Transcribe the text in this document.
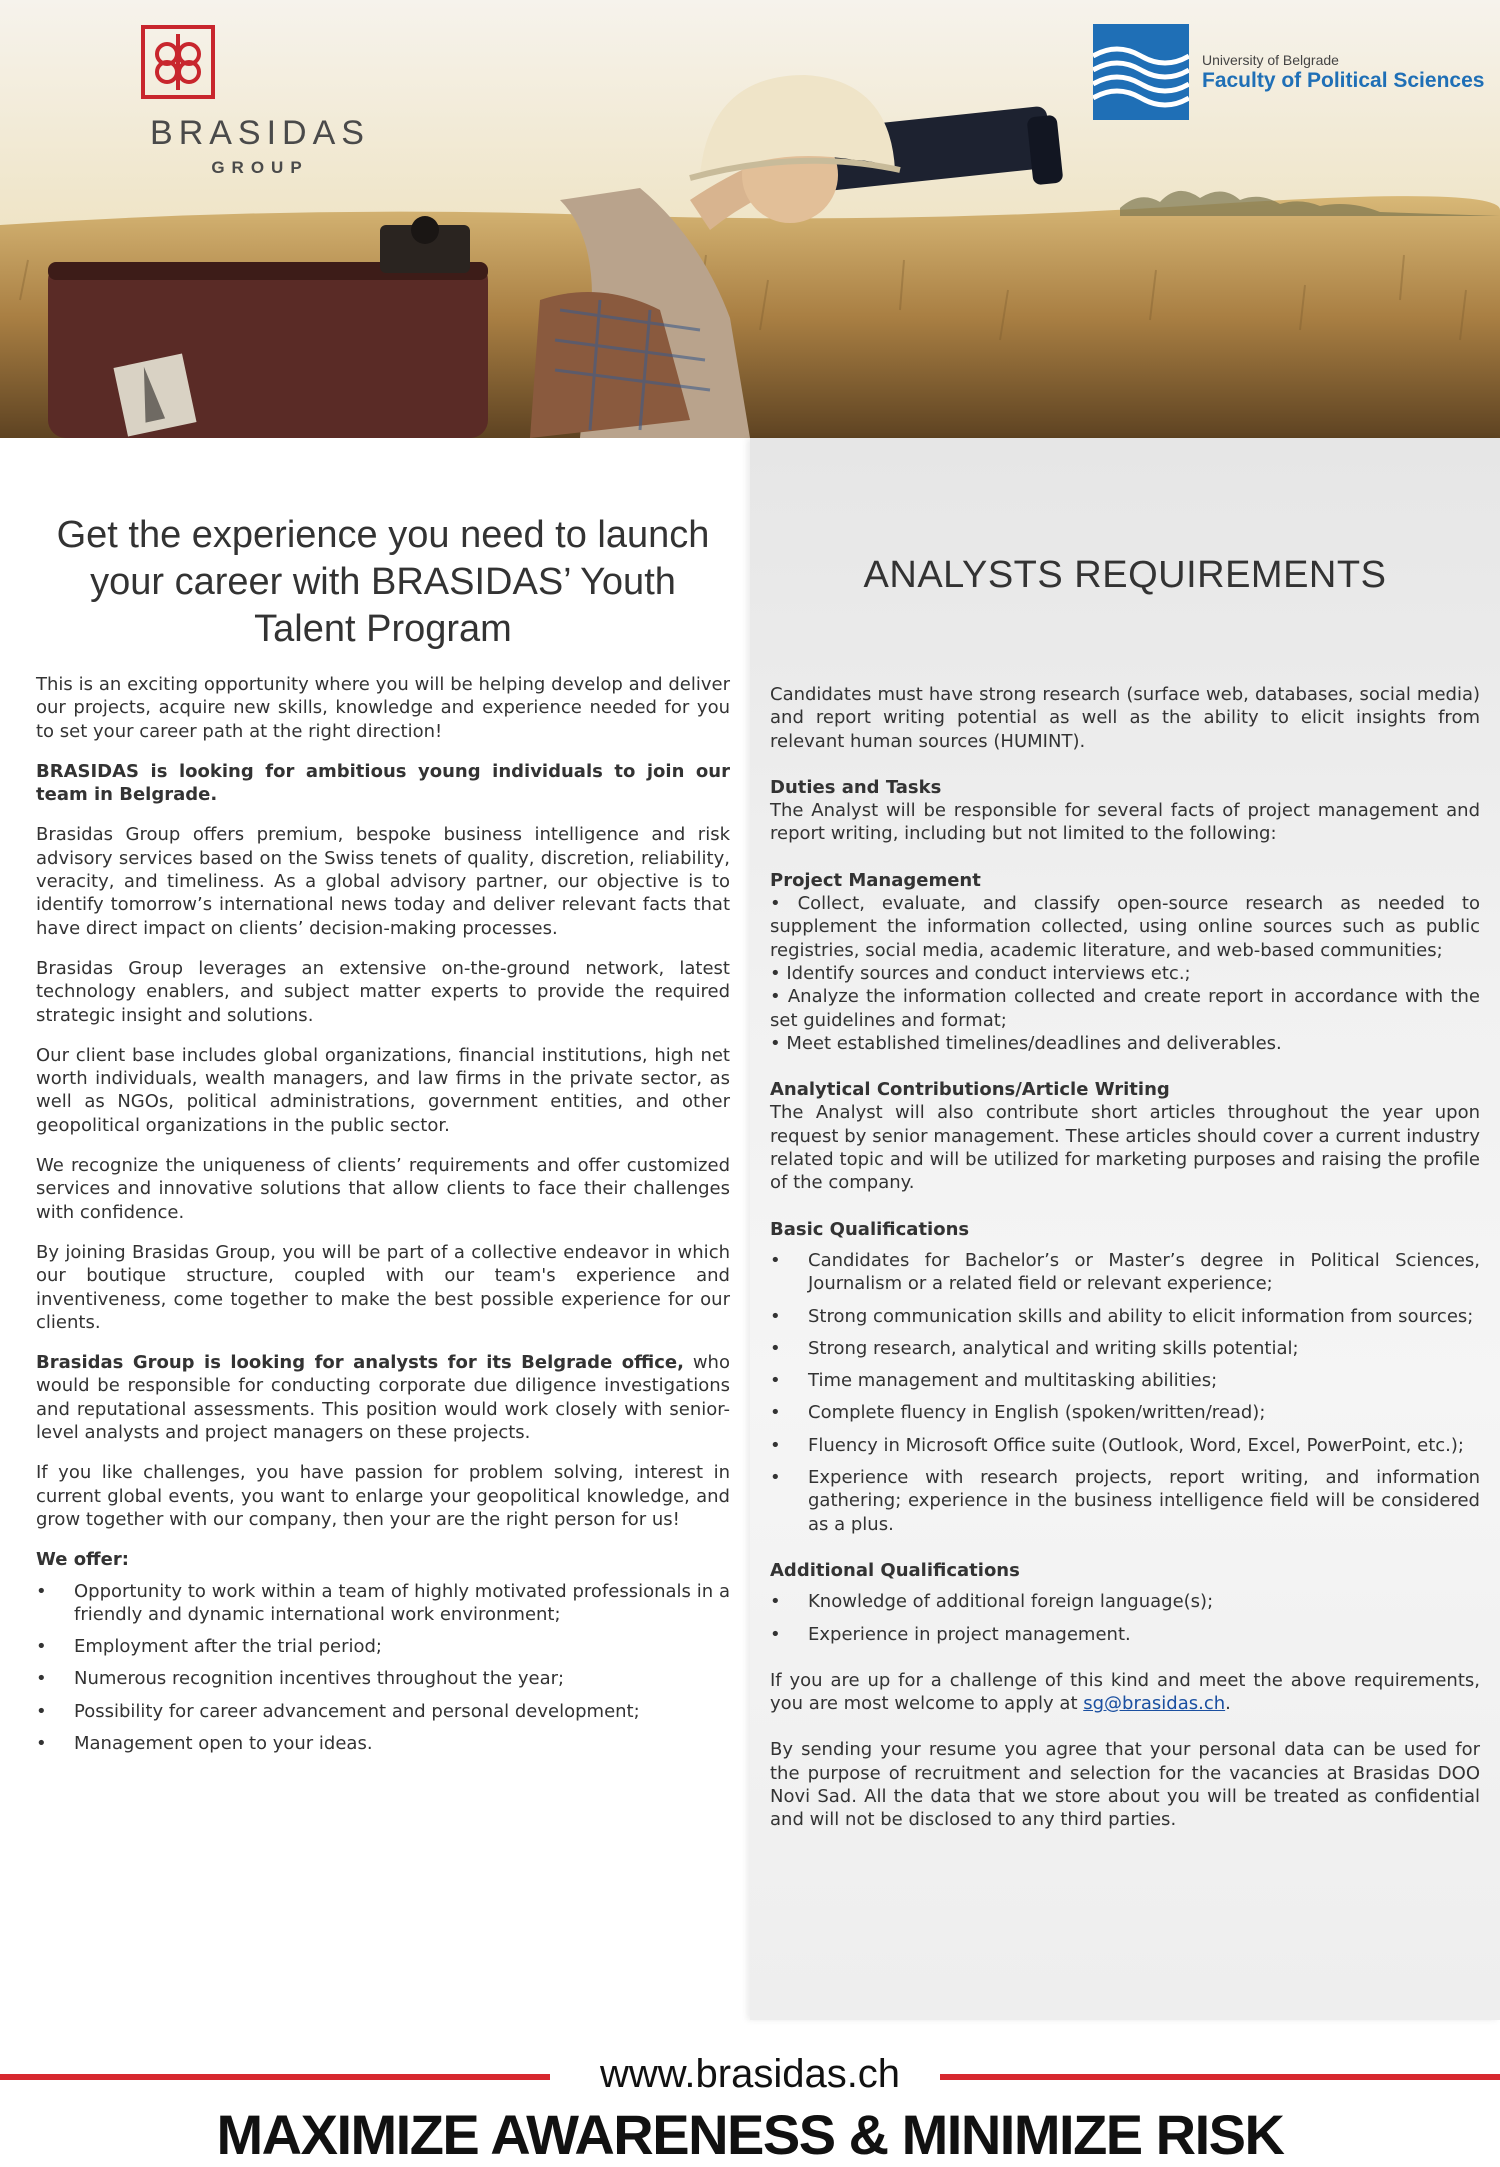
BRASIDAS
GROUP
University of Belgrade
Faculty of Political Sciences
Get the experience you need to launch your career with BRASIDAS’ Youth Talent Program

This is an exciting opportunity where you will be helping develop and deliver our projects, acquire new skills, knowledge and experience needed for you to set your career path at the right direction!

BRASIDAS is looking for ambitious young individuals to join our team in Belgrade.

Brasidas Group offers premium, bespoke business intelligence and risk advisory services based on the Swiss tenets of quality, discretion, reliability, veracity, and timeliness. As a global advisory partner, our objective is to identify tomorrow’s international news today and deliver relevant facts that have direct impact on clients’ decision-making processes.

Brasidas Group leverages an extensive on-the-ground network, latest technology enablers, and subject matter experts to provide the required strategic insight and solutions.

Our client base includes global organizations, financial institutions, high net worth individuals, wealth managers, and law firms in the private sector, as well as NGOs, political administrations, government entities, and other geopolitical organizations in the public sector.

We recognize the uniqueness of clients’ requirements and offer customized services and innovative solutions that allow clients to face their challenges with confidence.

By joining Brasidas Group, you will be part of a collective endeavor in which our boutique structure, coupled with our team's experience and inventiveness, come together to make the best possible experience for our clients.

Brasidas Group is looking for analysts for its Belgrade office, who would be responsible for conducting corporate due diligence investigations and reputational assessments. This position would work closely with senior-level analysts and project managers on these projects.

If you like challenges, you have passion for problem solving, interest in current global events, you want to enlarge your geopolitical knowledge, and grow together with our company, then your are the right person for us!

We offer:

• Opportunity to work within a team of highly motivated professionals in a friendly and dynamic international work environment;
• Employment after the trial period;
• Numerous recognition incentives throughout the year;
• Possibility for career advancement and personal development;
• Management open to your ideas.
ANALYSTS REQUIREMENTS

Candidates must have strong research (surface web, databases, social media) and report writing potential as well as the ability to elicit insights from relevant human sources (HUMINT).

Duties and Tasks

The Analyst will be responsible for several facts of project management and report writing, including but not limited to the following:

Project Management

• Collect, evaluate, and classify open-source research as needed to supplement the information collected, using online sources such as public registries, social media, academic literature, and web-based communities;

• Identify sources and conduct interviews etc.;

• Analyze the information collected and create report in accordance with the set guidelines and format;

• Meet established timelines/deadlines and deliverables.

Analytical Contributions/Article Writing

The Analyst will also contribute short articles throughout the year upon request by senior management. These articles should cover a current industry related topic and will be utilized for marketing purposes and raising the profile of the company.

Basic Qualifications
• Candidates for Bachelor’s or Master’s degree in Political Sciences, Journalism or a related field or relevant experience;
• Strong communication skills and ability to elicit information from sources;
• Strong research, analytical and writing skills potential;
• Time management and multitasking abilities;
• Complete fluency in English (spoken/written/read);
• Fluency in Microsoft Office suite (Outlook, Word, Excel, PowerPoint, etc.);
• Experience with research projects, report writing, and information gathering; experience in the business intelligence field will be considered as a plus.
Additional Qualifications
• Knowledge of additional foreign language(s);
• Experience in project management.

If you are up for a challenge of this kind and meet the above requirements, you are most welcome to apply at sg@brasidas.ch.

By sending your resume you agree that your personal data can be used for the purpose of recruitment and selection for the vacancies at Brasidas DOO Novi Sad. All the data that we store about you will be treated as confidential and will not be disclosed to any third parties.

www.brasidas.ch
MAXIMIZE AWARENESS & MINIMIZE RISK
